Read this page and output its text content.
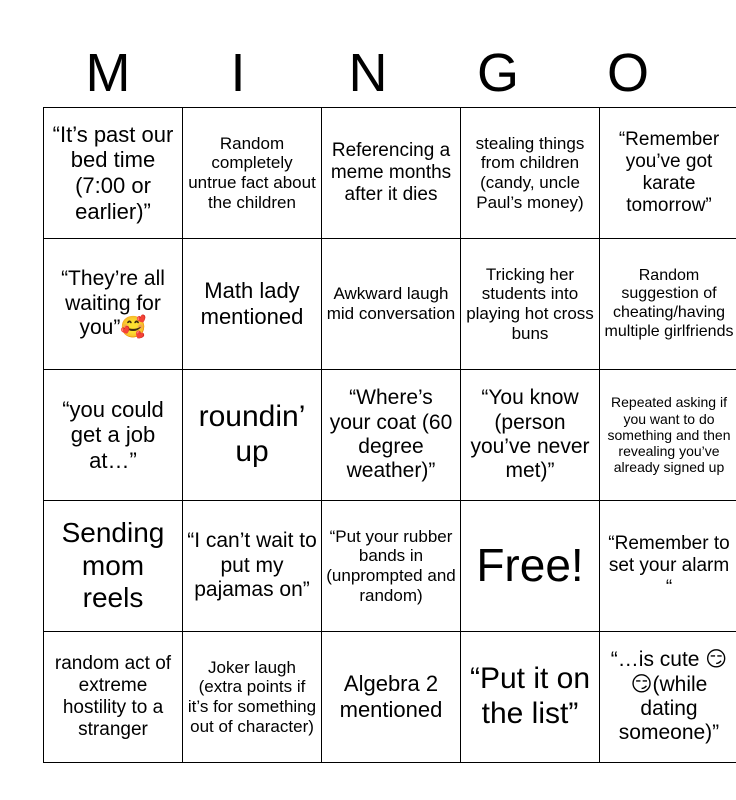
M	I	N	G	O
“It’s past our bed time (7:00 or earlier)”	Random completely untrue fact about the children	Referencing a meme months after it dies	stealing things from children (candy, uncle Paul’s money)	“Remember you’ve got karate tomorrow”
“They’re all waiting for you”🥰	Math lady mentioned	Awkward laugh mid conversation	Tricking her students into playing hot cross buns	Random suggestion of cheating/having multiple girlfriends
“you could get a job at…”	roundin’ up	“Where’s your coat (60 degree weather)”	“You know (person you’ve never met)”	Repeated asking if you want to do something and then revealing you’ve already signed up
Sending mom reels	“I can’t wait to put my pajamas on”	“Put your rubber bands in (unprompted and random)	Free!	“Remember to set your alarm “
random act of extreme hostility to a stranger	Joker laugh (extra points if it’s for something out of character)	Algebra 2 mentioned	“Put it on the list”	“…is cute 😏😏(while dating someone)”
